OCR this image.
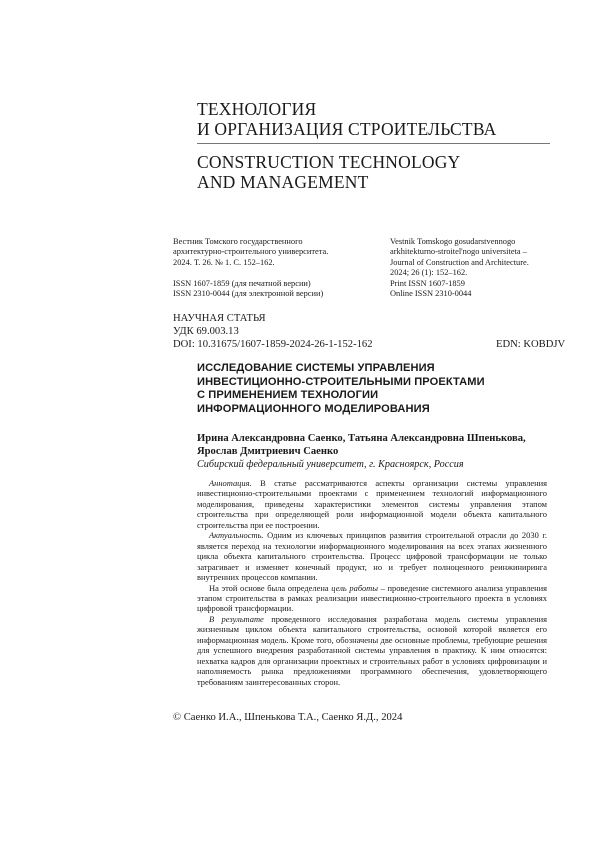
ТЕХНОЛОГИЯ
И ОРГАНИЗАЦИЯ СТРОИТЕЛЬСТВА
CONSTRUCTION TECHNOLOGY
AND MANAGEMENT
Вестник Томского государственного
архитектурно-строительного университета.
2024. Т. 26. № 1. С. 152–162.
ISSN 1607-1859 (для печатной версии)
ISSN 2310-0044 (для электронной версии)
Vestnik Tomskogo gosudarstvennogo
arkhitekturno-stroitel'nogo universiteta –
Journal of Construction and Architecture.
2024; 26 (1): 152–162.
Print ISSN 1607-1859
Online ISSN 2310-0044
НАУЧНАЯ СТАТЬЯ
УДК 69.003.13
DOI: 10.31675/1607-1859-2024-26-1-152-162	EDN: KOBDJV
ИССЛЕДОВАНИЕ СИСТЕМЫ УПРАВЛЕНИЯ
ИНВЕСТИЦИОННО-СТРОИТЕЛЬНЫМИ ПРОЕКТАМИ
С ПРИМЕНЕНИЕМ ТЕХНОЛОГИИ
ИНФОРМАЦИОННОГО МОДЕЛИРОВАНИЯ
Ирина Александровна Саенко, Татьяна Александровна Шпенькова,
Ярослав Дмитриевич Саенко
Сибирский федеральный университет, г. Красноярск, Россия

Аннотация. В статье рассматриваются аспекты организации системы управления инвестиционно-строительными проектами с применением технологий информационного моделирования, приведены характеристики элементов системы управления этапом строительства при определяющей роли информационной модели объекта капитального строительства при ее построении.

Актуальность. Одним из ключевых принципов развития строительной отрасли до 2030 г. является переход на технологии информационного моделирования на всех этапах жизненного цикла объекта капитального строительства. Процесс цифровой трансформации не только затрагивает и изменяет конечный продукт, но и требует полноценного реинжиниринга внутренних процессов компании.

На этой основе была определена цель работы – проведение системного анализа управления этапом строительства в рамках реализации инвестиционно-строительного проекта в условиях цифровой трансформации.

В результате проведенного исследования разработана модель системы управления жизненным циклом объекта капитального строительства, основой которой является его информационная модель. Кроме того, обозначены две основные проблемы, требующие решения для успешного внедрения разработанной системы управления в практику. К ним относятся: нехватка кадров для организации проектных и строительных работ в условиях цифровизации и наполняемость рынка предложениями программного обеспечения, удовлетворяющего требованиям заинтересованных сторон.

© Саенко И.А., Шпенькова Т.А., Саенко Я.Д., 2024
